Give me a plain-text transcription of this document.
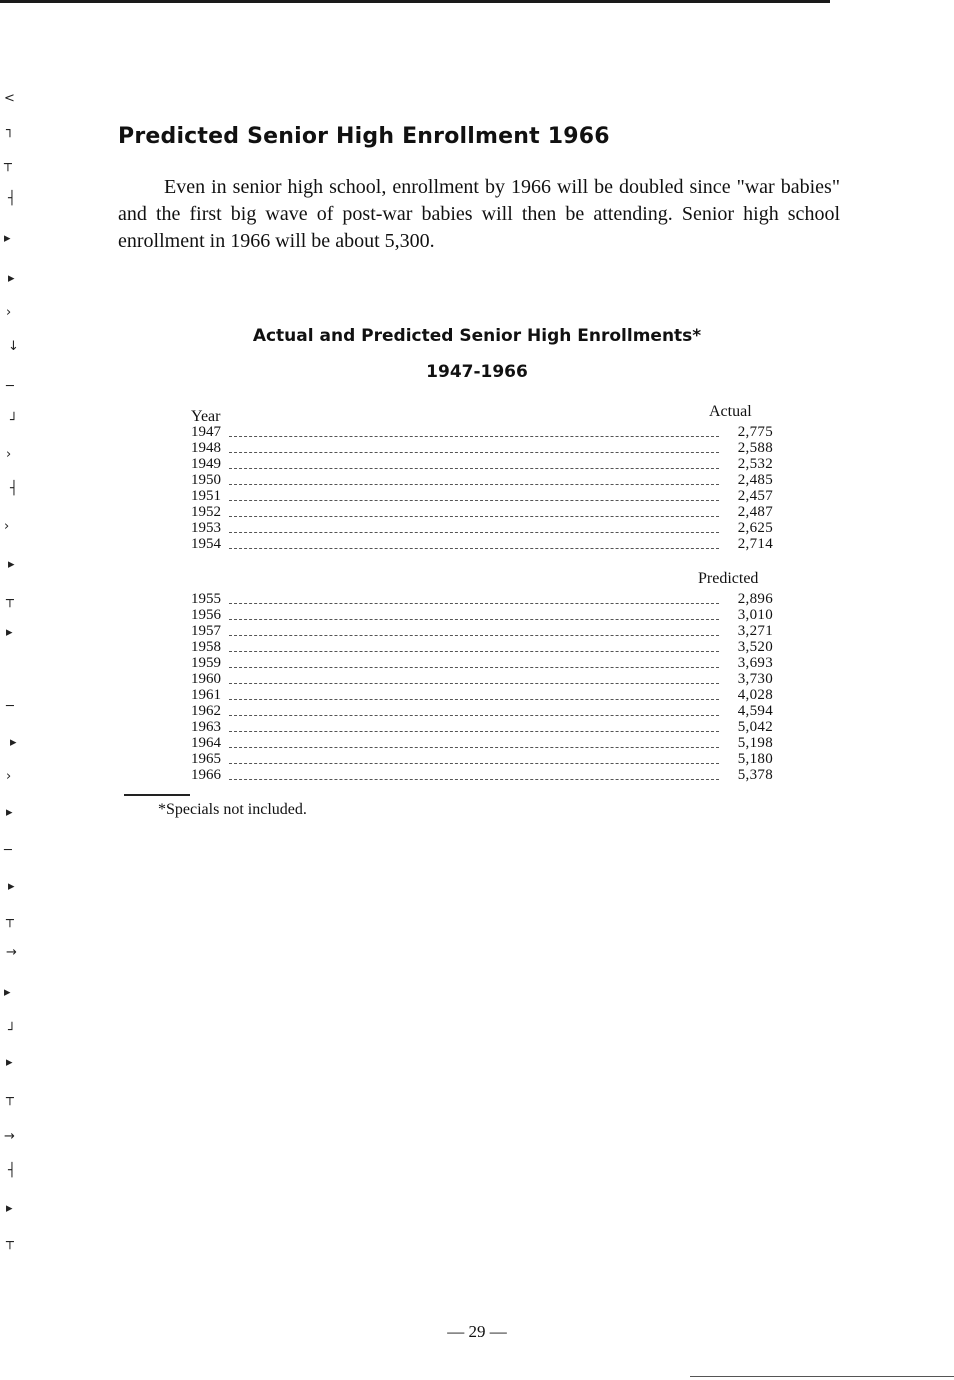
<
┐
┬
┤
▸
▸
›
↓
─
┘
›
┤
›
▸
┬
▸
─
▸
›
▸
─
▸
┬
→
▸
┘
▸
┬
→
┤
▸
┬
Predicted Senior High Enrollment 1966

Even in senior high school, enrollment by 1966 will be doubled since "war babies" and the first big wave of post-war babies will then be attending. Senior high school enrollment in 1966 will be about 5,300.

Actual and Predicted Senior High Enrollments*
1947-1966
Year	Actual
1947	2,775
1948	2,588
1949	2,532
1950	2,485
1951	2,457
1952	2,487
1953	2,625
1954	2,714
Predicted
1955	2,896
1956	3,010
1957	3,271
1958	3,520
1959	3,693
1960	3,730
1961	4,028
1962	4,594
1963	5,042
1964	5,198
1965	5,180
1966	5,378
*Specials not included.
— 29 —
